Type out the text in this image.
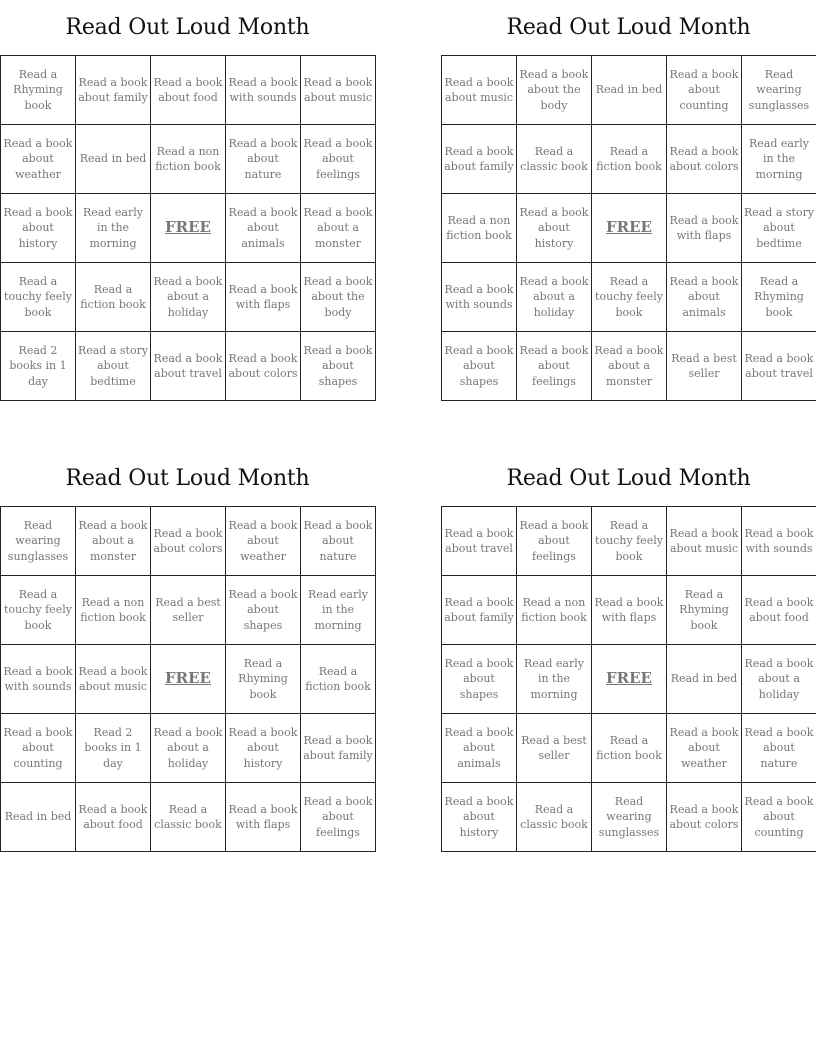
Read Out Loud Month
Read a Rhyming book	Read a book about family	Read a book about food	Read a book with sounds	Read a book about music
Read a book about weather	Read in bed	Read a non fiction book	Read a book about nature	Read a book about feelings
Read a book about history	Read early in the morning	FREE	Read a book about animals	Read a book about a monster
Read a touchy feely book	Read a fiction book	Read a book about a holiday	Read a book with flaps	Read a book about the body
Read 2 books in 1 day	Read a story about bedtime	Read a book about travel	Read a book about colors	Read a book about shapes
Read Out Loud Month
Read a book about music	Read a book about the body	Read in bed	Read a book about counting	Read wearing sunglasses
Read a book about family	Read a classic book	Read a fiction book	Read a book about colors	Read early in the morning
Read a non fiction book	Read a book about history	FREE	Read a book with flaps	Read a story about bedtime
Read a book with sounds	Read a book about a holiday	Read a touchy feely book	Read a book about animals	Read a Rhyming book
Read a book about shapes	Read a book about feelings	Read a book about a monster	Read a best seller	Read a book about travel
Read Out Loud Month
Read wearing sunglasses	Read a book about a monster	Read a book about colors	Read a book about weather	Read a book about nature
Read a touchy feely book	Read a non fiction book	Read a best seller	Read a book about shapes	Read early in the morning
Read a book with sounds	Read a book about music	FREE	Read a Rhyming book	Read a fiction book
Read a book about counting	Read 2 books in 1 day	Read a book about a holiday	Read a book about history	Read a book about family
Read in bed	Read a book about food	Read a classic book	Read a book with flaps	Read a book about feelings
Read Out Loud Month
Read a book about travel	Read a book about feelings	Read a touchy feely book	Read a book about music	Read a book with sounds
Read a book about family	Read a non fiction book	Read a book with flaps	Read a Rhyming book	Read a book about food
Read a book about shapes	Read early in the morning	FREE	Read in bed	Read a book about a holiday
Read a book about animals	Read a best seller	Read a fiction book	Read a book about weather	Read a book about nature
Read a book about history	Read a classic book	Read wearing sunglasses	Read a book about colors	Read a book about counting
